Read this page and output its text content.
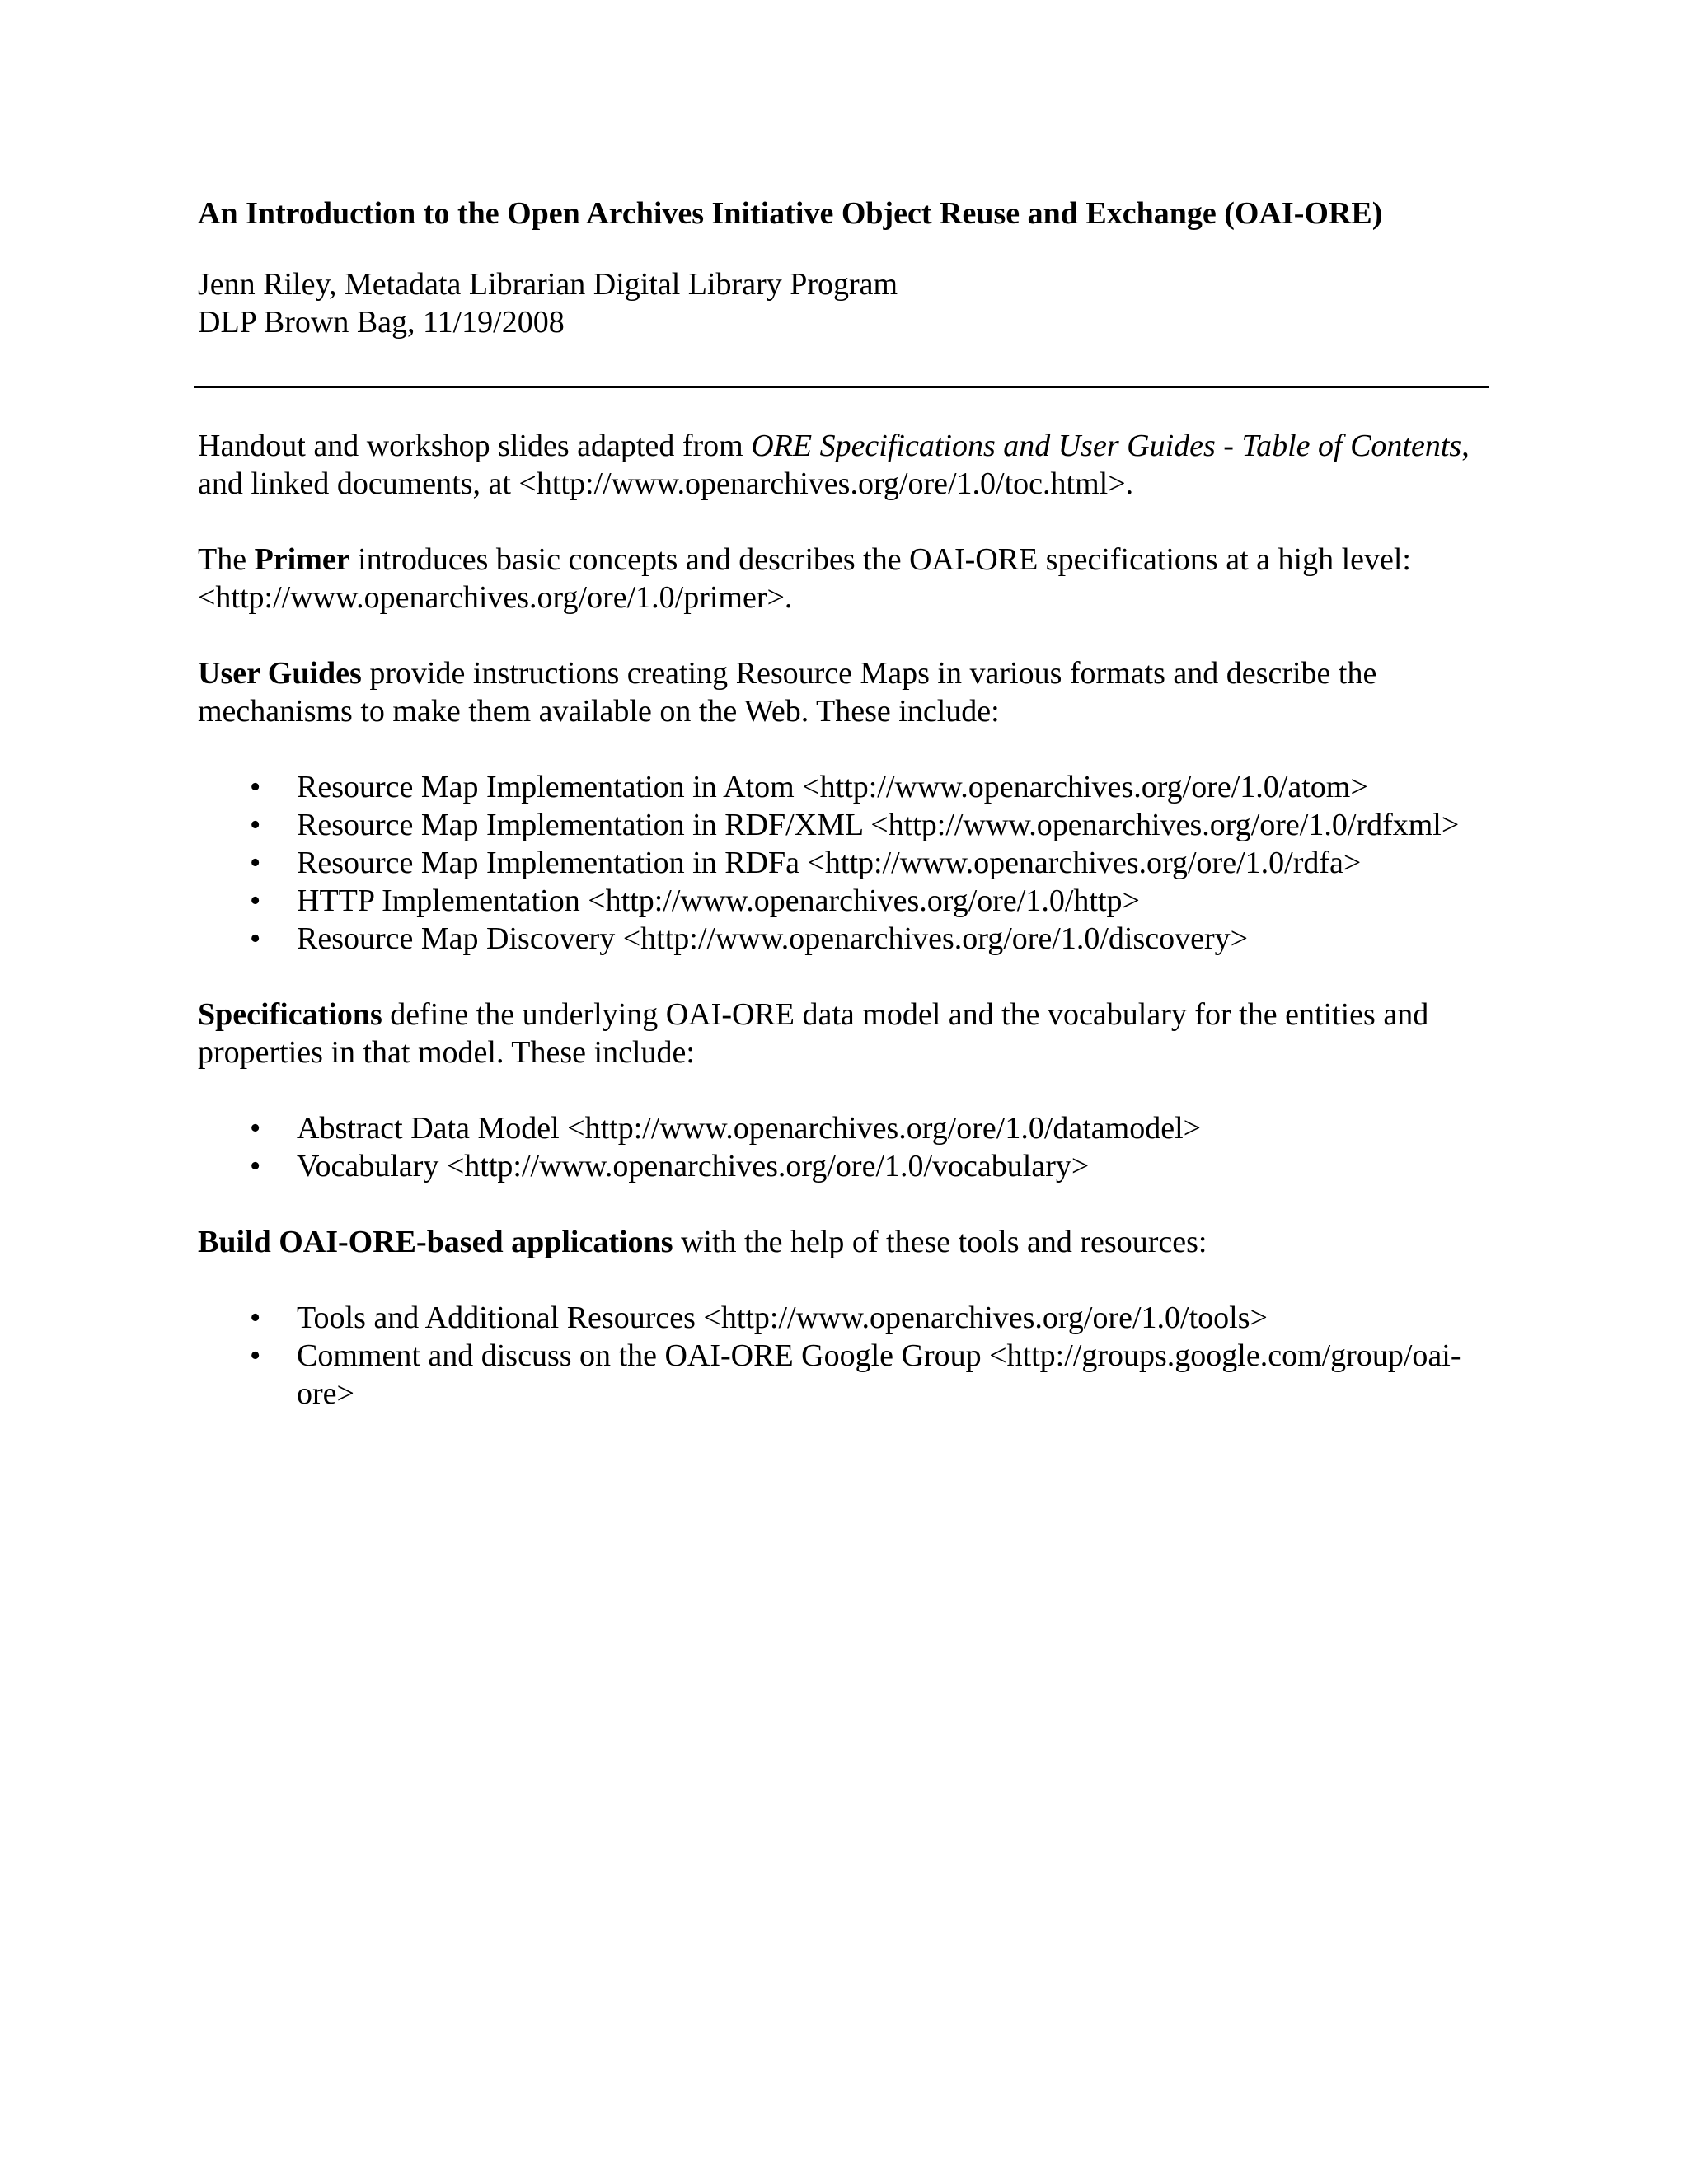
An Introduction to the Open Archives Initiative Object Reuse and Exchange (OAI-ORE)

Jenn Riley, Metadata Librarian Digital Library Program
DLP Brown Bag, 11/19/2008

Handout and workshop slides adapted from ORE Specifications and User Guides - Table of Contents, and linked documents, at <http://www.openarchives.org/ore/1.0/toc.html>.

The Primer introduces basic concepts and describes the OAI-ORE specifications at a high level: <http://www.openarchives.org/ore/1.0/primer>.

User Guides provide instructions creating Resource Maps in various formats and describe the mechanisms to make them available on the Web. These include:

• Resource Map Implementation in Atom <http://www.openarchives.org/ore/1.0/atom>
• Resource Map Implementation in RDF/XML <http://www.openarchives.org/ore/1.0/rdfxml>
• Resource Map Implementation in RDFa <http://www.openarchives.org/ore/1.0/rdfa>
• HTTP Implementation <http://www.openarchives.org/ore/1.0/http>
• Resource Map Discovery <http://www.openarchives.org/ore/1.0/discovery>

Specifications define the underlying OAI-ORE data model and the vocabulary for the entities and properties in that model. These include:

• Abstract Data Model <http://www.openarchives.org/ore/1.0/datamodel>
• Vocabulary <http://www.openarchives.org/ore/1.0/vocabulary>

Build OAI-ORE-based applications with the help of these tools and resources:

• Tools and Additional Resources <http://www.openarchives.org/ore/1.0/tools>
• Comment and discuss on the OAI-ORE Google Group <http://groups.google.com/group/oai-ore>
